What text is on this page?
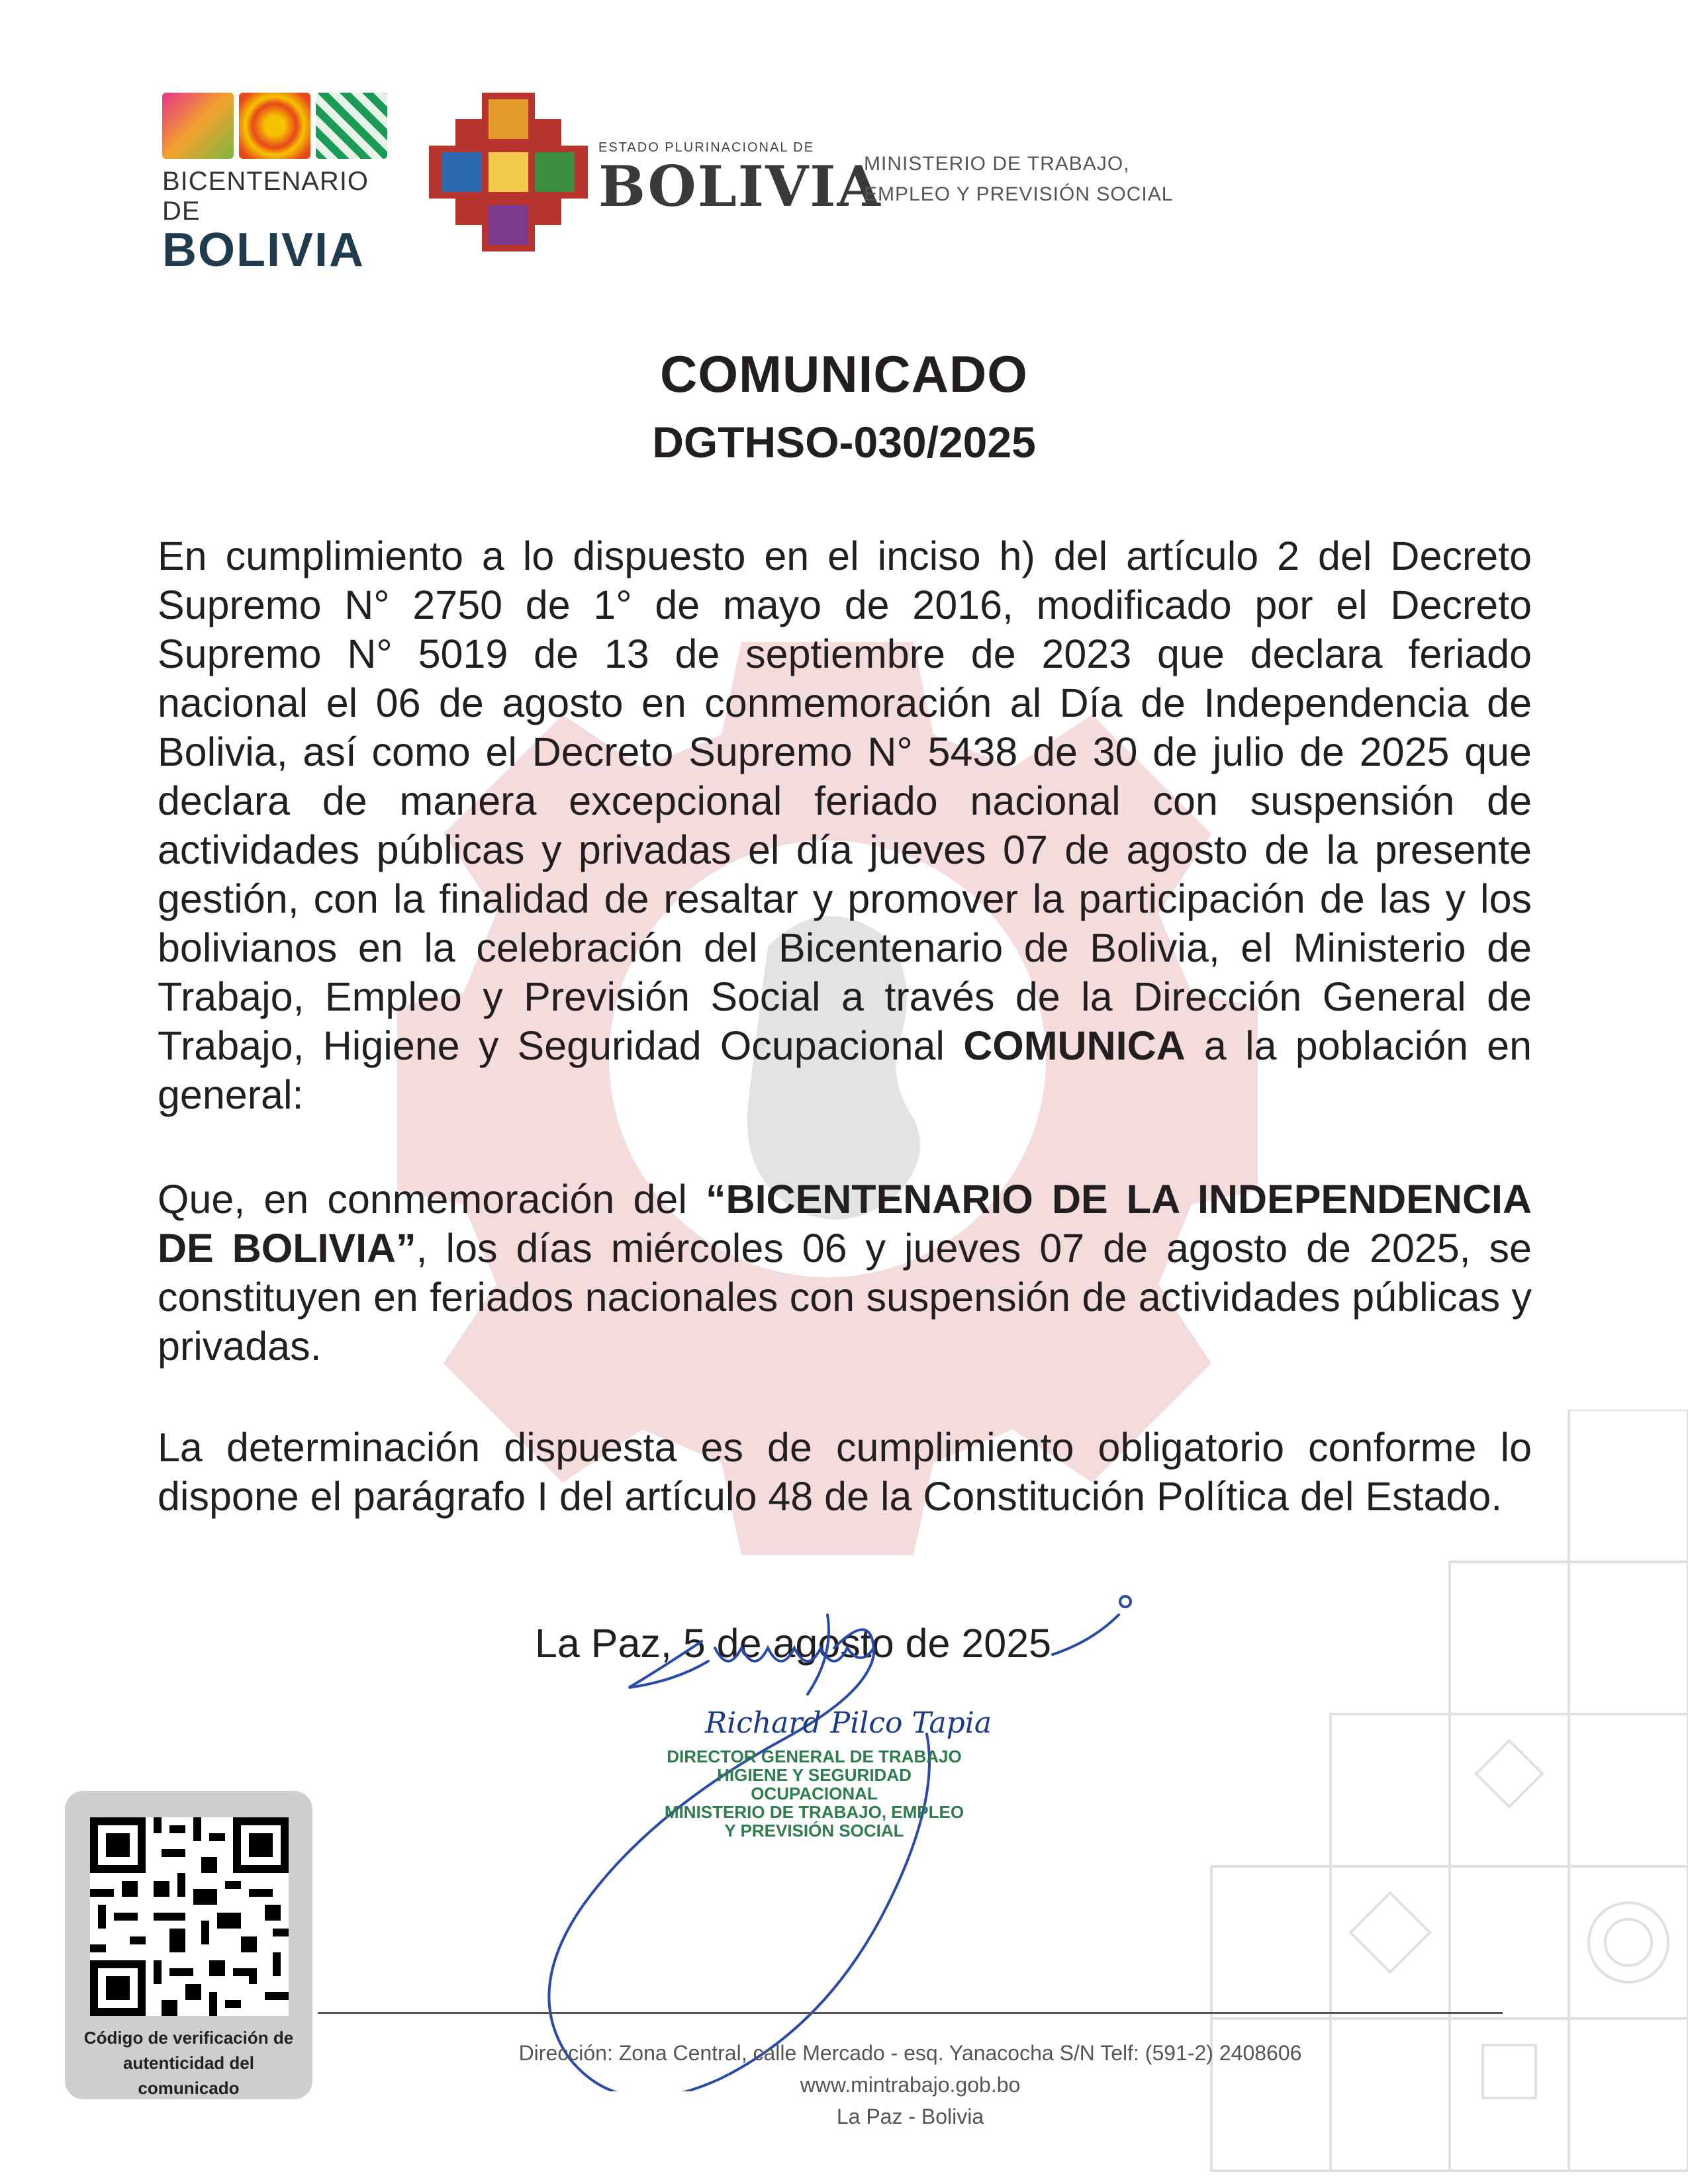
BICENTENARIO DE
BOLIVIA
ESTADO PLURINACIONAL DE
BOLIVIA
MINISTERIO DE TRABAJO,
EMPLEO Y PREVISIÓN SOCIAL
COMUNICADO
DGTHSO-030/2025
En cumplimiento a lo dispuesto en el inciso h) del artículo 2 del Decreto Supremo N° 2750 de 1° de mayo de 2016, modificado por el Decreto Supremo N° 5019 de 13 de septiembre de 2023 que declara feriado nacional el 06 de agosto en conmemoración al Día de Independencia de Bolivia, así como el Decreto Supremo N° 5438 de 30 de julio de 2025 que declara de manera excepcional feriado nacional con suspensión de actividades públicas y privadas el día jueves 07 de agosto de la presente gestión, con la finalidad de resaltar y promover la participación de las y los bolivianos en la celebración del Bicentenario de Bolivia, el Ministerio de Trabajo, Empleo y Previsión Social a través de la Dirección General de Trabajo, Higiene y Seguridad Ocupacional COMUNICA a la población en general:
Que, en conmemoración del “BICENTENARIO DE LA INDEPENDENCIA DE BOLIVIA”, los días miércoles 06 y jueves 07 de agosto de 2025, se constituyen en feriados nacionales con suspensión de actividades públicas y privadas.
La determinación dispuesta es de cumplimiento obligatorio conforme lo dispone el parágrafo I del artículo 48 de la Constitución Política del Estado.
La Paz, 5 de agosto de 2025
Richard Pilco Tapia
DIRECTOR GENERAL DE TRABAJO
HIGIENE Y SEGURIDAD OCUPACIONAL
MINISTERIO DE TRABAJO, EMPLEO
Y PREVISIÓN SOCIAL
Código de verificación de
autenticidad del comunicado
Dirección: Zona Central, calle Mercado - esq. Yanacocha S/N Telf: (591-2) 2408606
www.mintrabajo.gob.bo
La Paz - Bolivia
